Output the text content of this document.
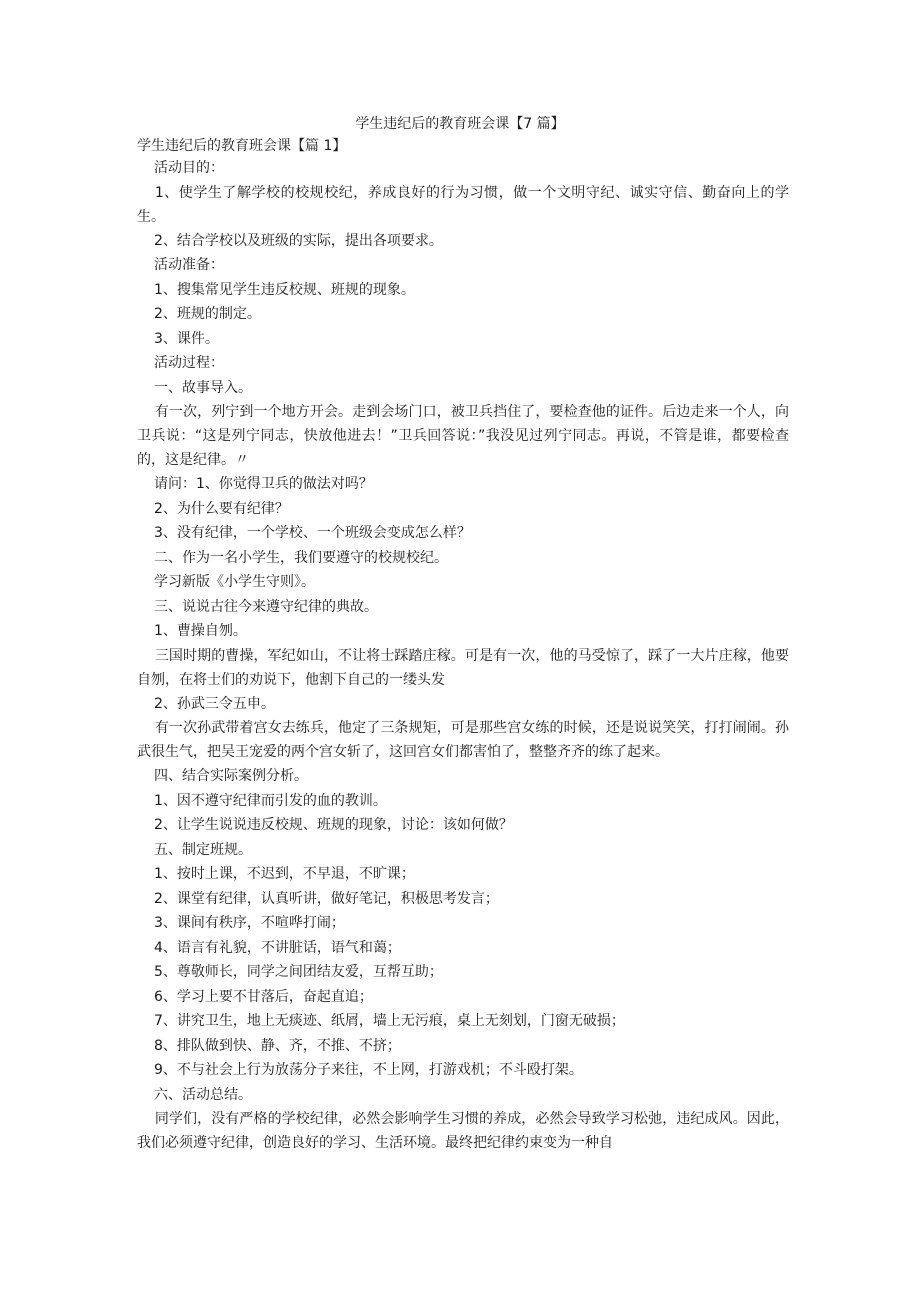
学生违纪后的教育班会课【7 篇】

学生违纪后的教育班会课【篇 1】

活动目的：

1、使学生了解学校的校规校纪，养成良好的行为习惯，做一个文明守纪、诚实守信、勤奋向上的学生。

2、结合学校以及班级的实际，提出各项要求。

活动准备：

1、搜集常见学生违反校规、班规的现象。

2、班规的制定。

3、课件。

活动过程：

一、故事导入。

有一次，列宁到一个地方开会。走到会场门口，被卫兵挡住了，要检查他的证件。后边走来一个人，向卫兵说：“这是列宁同志，快放他进去！”卫兵回答说：”我没见过列宁同志。再说，不管是谁，都要检查的，这是纪律。〃

请问：1、你觉得卫兵的做法对吗？

2、为什么要有纪律？

3、没有纪律，一个学校、一个班级会变成怎么样？

二、作为一名小学生，我们要遵守的校规校纪。

学习新版《小学生守则》。

三、说说古往今来遵守纪律的典故。

1、曹操自刎。

三国时期的曹操，军纪如山，不让将士踩踏庄稼。可是有一次，他的马受惊了，踩了一大片庄稼，他要自刎，在将士们的劝说下，他割下自己的一缕头发

2、孙武三令五申。

有一次孙武带着宫女去练兵，他定了三条规矩，可是那些宫女练的时候，还是说说笑笑，打打闹闹。孙武很生气，把吴王宠爱的两个宫女斩了，这回宫女们都害怕了，整整齐齐的练了起来。

四、结合实际案例分析。

1、因不遵守纪律而引发的血的教训。

2、让学生说说违反校规、班规的现象，讨论：该如何做？

五、制定班规。

1、按时上课，不迟到，不早退，不旷课；

2、课堂有纪律，认真听讲，做好笔记，积极思考发言；

3、课间有秩序，不喧哗打闹；

4、语言有礼貌，不讲脏话，语气和蔼；

5、尊敬师长，同学之间团结友爱，互帮互助；

6、学习上要不甘落后，奋起直追；

7、讲究卫生，地上无痰迹、纸屑，墙上无污痕，桌上无刻划，门窗无破损；

8、排队做到快、静、齐，不推、不挤；

9、不与社会上行为放荡分子来往，不上网，打游戏机；不斗殴打架。

六、活动总结。

同学们，没有严格的学校纪律，必然会影响学生习惯的养成，必然会导致学习松弛，违纪成风。因此，我们必须遵守纪律，创造良好的学习、生活环境。最终把纪律约束变为一种自
